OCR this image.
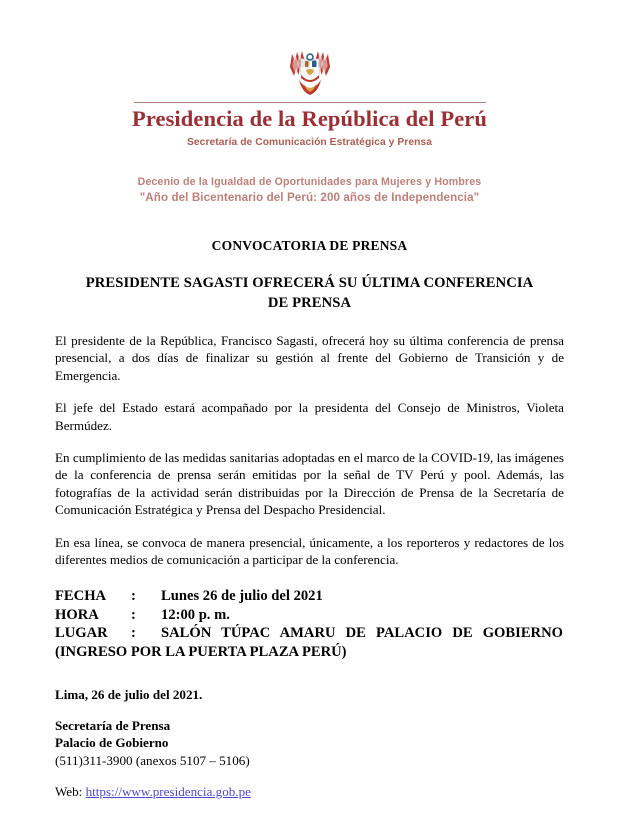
Presidencia de la República del Perú
Secretaría de Comunicación Estratégica y Prensa
Decenio de la Igualdad de Oportunidades para Mujeres y Hombres
"Año del Bicentenario del Perú: 200 años de Independencia"
CONVOCATORIA DE PRENSA
PRESIDENTE SAGASTI OFRECERÁ SU ÚLTIMA CONFERENCIA DE PRENSA

El presidente de la República, Francisco Sagasti, ofrecerá hoy su última conferencia de prensa presencial, a dos días de finalizar su gestión al frente del Gobierno de Transición y de Emergencia.

El jefe del Estado estará acompañado por la presidenta del Consejo de Ministros, Violeta Bermúdez.

En cumplimiento de las medidas sanitarias adoptadas en el marco de la COVID-19, las imágenes de la conferencia de prensa serán emitidas por la señal de TV Perú y pool. Además, las fotografías de la actividad serán distribuidas por la Dirección de Prensa de la Secretaría de Comunicación Estratégica y Prensa del Despacho Presidencial.

En esa línea, se convoca de manera presencial, únicamente, a los reporteros y redactores de los diferentes medios de comunicación a participar de la conferencia.

FECHA	:	Lunes 26 de julio del 2021
HORA	:	12:00 p. m.
LUGAR	:	SALÓN TÚPAC AMARU DE PALACIO DE GOBIERNO
(INGRESO POR LA PUERTA PLAZA PERÚ)
Lima, 26 de julio del 2021.
Secretaría de Prensa
Palacio de Gobierno
(511)311-3900 (anexos 5107 – 5106)
Web: https://www.presidencia.gob.pe
